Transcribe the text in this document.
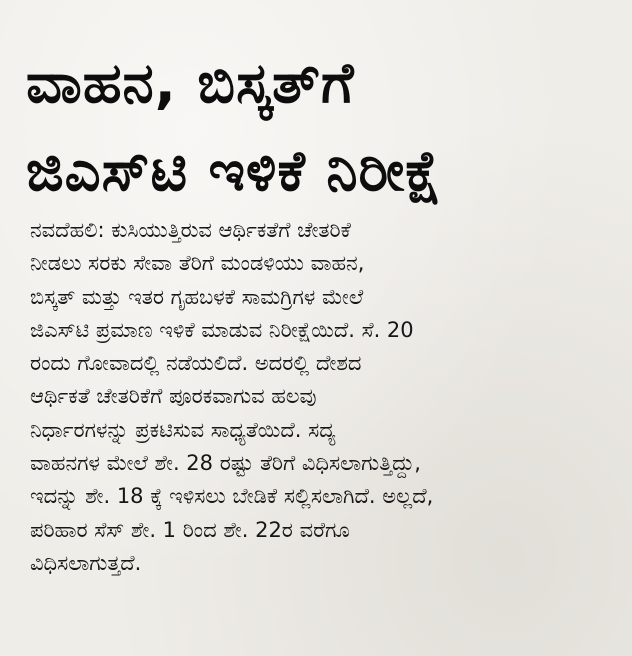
ವಾಹನ, ಬಿಸ್ಕತ್‌ಗೆ
ಜಿಎಸ್‌ಟಿ ಇಳಿಕೆ ನಿರೀಕ್ಷೆ
ನವದೆಹಲಿ: ಕುಸಿಯುತ್ತಿರುವ ಆರ್ಥಿಕತೆಗೆ ಚೇತರಿಕೆ
ನೀಡಲು ಸರಕು ಸೇವಾ ತೆರಿಗೆ ಮಂಡಳಿಯು ವಾಹನ,
ಬಿಸ್ಕತ್ ಮತ್ತು ಇತರ ಗೃಹಬಳಕೆ ಸಾಮಗ್ರಿಗಳ ಮೇಲೆ
ಜಿಎಸ್‌ಟಿ ಪ್ರಮಾಣ ಇಳಿಕೆ ಮಾಡುವ ನಿರೀಕ್ಷೆಯಿದೆ. ಸೆ. 20
ರಂದು ಗೋವಾದಲ್ಲಿ ನಡೆಯಲಿದೆ. ಅದರಲ್ಲಿ ದೇಶದ
ಆರ್ಥಿಕತೆ ಚೇತರಿಕೆಗೆ ಪೂರಕವಾಗುವ ಹಲವು
ನಿರ್ಧಾರಗಳನ್ನು ಪ್ರಕಟಿಸುವ ಸಾಧ್ಯತೆಯಿದೆ. ಸದ್ಯ
ವಾಹನಗಳ ಮೇಲೆ ಶೇ. 28 ರಷ್ಟು ತೆರಿಗೆ ವಿಧಿಸಲಾಗುತ್ತಿದ್ದು,
ಇದನ್ನು ಶೇ. 18 ಕ್ಕೆ ಇಳಿಸಲು ಬೇಡಿಕೆ ಸಲ್ಲಿಸಲಾಗಿದೆ. ಅಲ್ಲದೆ,
ಪರಿಹಾರ ಸೆಸ್ ಶೇ. 1 ರಿಂದ ಶೇ. 22ರ ವರೆಗೂ
ವಿಧಿಸಲಾಗುತ್ತದೆ.
